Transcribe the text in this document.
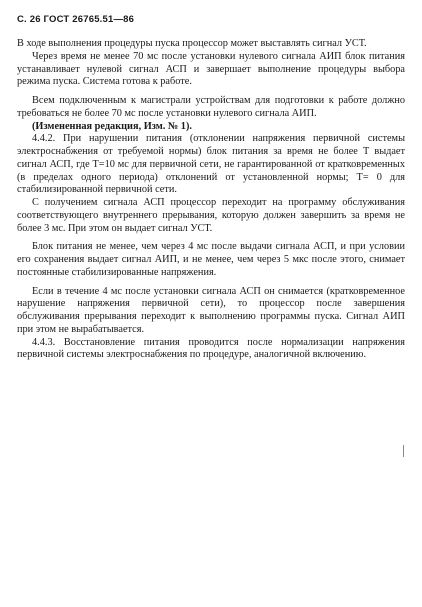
С. 26 ГОСТ 26765.51—86

В ходе выполнения процедуры пуска процессор может выставлять сигнал УСТ.

Через время не менее 70 мс после установки нулевого сигнала АИП блок питания устанавливает нулевой сигнал АСП и завершает выполнение процедуры выбора режима пуска. Система готова к работе.

Всем подключенным к магистрали устройствам для подготовки к работе должно требоваться не более 70 мс после установки нулевого сигнала АИП.

(Измененная редакция, Изм. № 1).

4.4.2. При нарушении питания (отклонении напряжения первичной системы электроснабжения от требуемой нормы) блок питания за время не более T выдает сигнал АСП, где T=10 мс для первичной сети, не гарантированной от кратковременных (в пределах одного периода) отклонений от установленной нормы; T= 0 для стабилизированной первичной сети.

С получением сигнала АСП процессор переходит на программу обслуживания соответствующего внутреннего прерывания, которую должен завершить за время не более 3 мс. При этом он выдает сигнал УСТ.

Блок питания не менее, чем через 4 мс после выдачи сигнала АСП, и при условии его сохранения выдает сигнал АИП, и не менее, чем через 5 мкс после этого, снимает постоянные стабилизированные напряжения.

Если в течение 4 мс после установки сигнала АСП он снимается (кратковременное нарушение напряжения первичной сети), то процессор после завершения обслуживания прерывания переходит к выполнению программы пуска. Сигнал АИП при этом не вырабатывается.

4.4.3. Восстановление питания проводится после нормализации напряжения первичной системы электроснабжения по процедуре, аналогичной включению.
